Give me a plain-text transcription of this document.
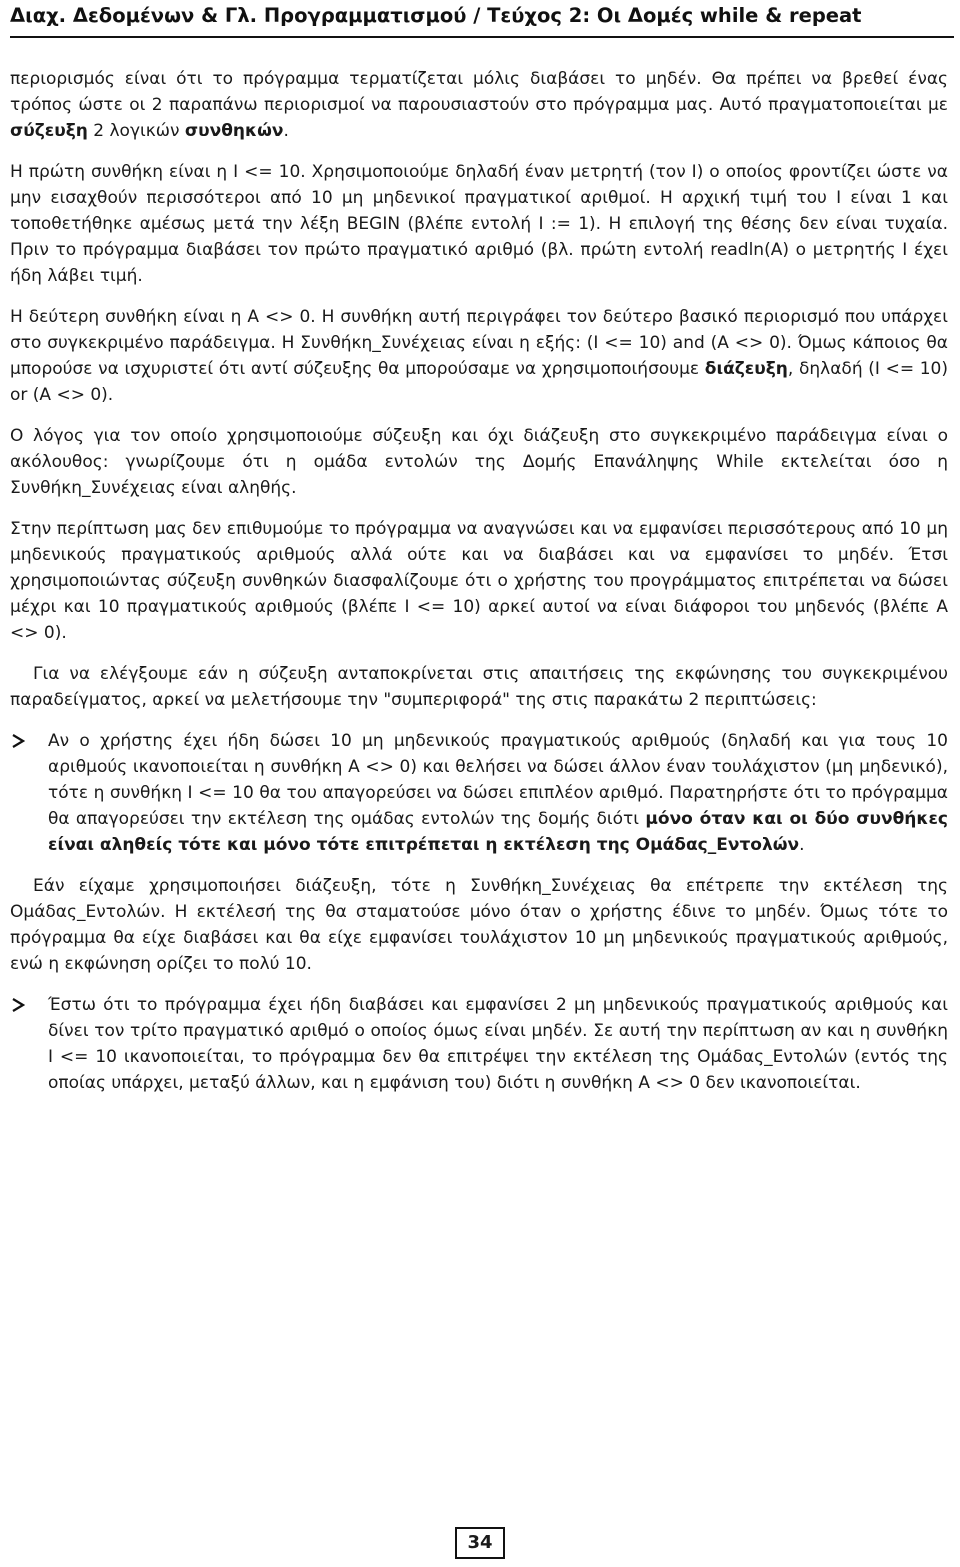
Διαχ. Δεδομένων & Γλ. Προγραμματισμού / Τεύχος 2: Οι Δομές while & repeat

περιορισμός είναι ότι το πρόγραμμα τερματίζεται μόλις διαβάσει το μηδέν. Θα πρέπει να βρεθεί ένας τρόπος ώστε οι 2 παραπάνω περιορισμοί να παρουσιαστούν στο πρόγραμμα μας. Αυτό πραγματοποιείται με σύζευξη 2 λογικών συνθηκών.

Η πρώτη συνθήκη είναι η I <= 10. Χρησιμοποιούμε δηλαδή έναν μετρητή (τον I) ο οποίος φροντίζει ώστε να μην εισαχθούν περισσότεροι από 10 μη μηδενικοί πραγματικοί αριθμοί. Η αρχική τιμή του I είναι 1 και τοποθετήθηκε αμέσως μετά την λέξη BEGIN (βλέπε εντολή I := 1). Η επιλογή της θέσης δεν είναι τυχαία. Πριν το πρόγραμμα διαβάσει τον πρώτο πραγματικό αριθμό (βλ. πρώτη εντολή readln(A) ο μετρητής I έχει ήδη λάβει τιμή.

Η δεύτερη συνθήκη είναι η A <> 0. Η συνθήκη αυτή περιγράφει τον δεύτερο βασικό περιορισμό που υπάρχει στο συγκεκριμένο παράδειγμα. Η Συνθήκη_Συνέχειας είναι η εξής: (I <= 10) and (A <> 0). Όμως κάποιος θα μπορούσε να ισχυριστεί ότι αντί σύζευξης θα μπορούσαμε να χρησιμοποιήσουμε διάζευξη, δηλαδή (I <= 10) or (A <> 0).

Ο λόγος για τον οποίο χρησιμοποιούμε σύζευξη και όχι διάζευξη στο συγκεκριμένο παράδειγμα είναι ο ακόλουθος: γνωρίζουμε ότι η ομάδα εντολών της Δομής Επανάληψης While εκτελείται όσο η Συνθήκη_Συνέχειας είναι αληθής.

Στην περίπτωση μας δεν επιθυμούμε το πρόγραμμα να αναγνώσει και να εμφανίσει περισσότερους από 10 μη μηδενικούς πραγματικούς αριθμούς αλλά ούτε και να διαβάσει και να εμφανίσει το μηδέν. Έτσι χρησιμοποιώντας σύζευξη συνθηκών διασφαλίζουμε ότι ο χρήστης του προγράμματος επιτρέπεται να δώσει μέχρι και 10 πραγματικούς αριθμούς (βλέπε I <= 10) αρκεί αυτοί να είναι διάφοροι του μηδενός (βλέπε A <> 0).

Για να ελέγξουμε εάν η σύζευξη ανταποκρίνεται στις απαιτήσεις της εκφώνησης του συγκεκριμένου παραδείγματος, αρκεί να μελετήσουμε την "συμπεριφορά" της στις παρακάτω 2 περιπτώσεις:

Αν ο χρήστης έχει ήδη δώσει 10 μη μηδενικούς πραγματικούς αριθμούς (δηλαδή και για τους 10 αριθμούς ικανοποιείται η συνθήκη A <> 0) και θελήσει να δώσει άλλον έναν τουλάχιστον (μη μηδενικό), τότε η συνθήκη I <= 10 θα του απαγορεύσει να δώσει επιπλέον αριθμό. Παρατηρήστε ότι το πρόγραμμα θα απαγορεύσει την εκτέλεση της ομάδας εντολών της δομής διότι μόνο όταν και οι δύο συνθήκες είναι αληθείς τότε και μόνο τότε επιτρέπεται η εκτέλεση της Ομάδας_Εντολών.

Εάν είχαμε χρησιμοποιήσει διάζευξη, τότε η Συνθήκη_Συνέχειας θα επέτρεπε την εκτέλεση της Ομάδας_Εντολών. Η εκτέλεσή της θα σταματούσε μόνο όταν ο χρήστης έδινε το μηδέν. Όμως τότε το πρόγραμμα θα είχε διαβάσει και θα είχε εμφανίσει τουλάχιστον 10 μη μηδενικούς πραγματικούς αριθμούς, ενώ η εκφώνηση ορίζει το πολύ 10.

Έστω ότι το πρόγραμμα έχει ήδη διαβάσει και εμφανίσει 2 μη μηδενικούς πραγματικούς αριθμούς και δίνει τον τρίτο πραγματικό αριθμό ο οποίος όμως είναι μηδέν. Σε αυτή την περίπτωση αν και η συνθήκη I <= 10 ικανοποιείται, το πρόγραμμα δεν θα επιτρέψει την εκτέλεση της Ομάδας_Εντολών (εντός της οποίας υπάρχει, μεταξύ άλλων, και η εμφάνιση του) διότι η συνθήκη A <> 0 δεν ικανοποιείται.

34
